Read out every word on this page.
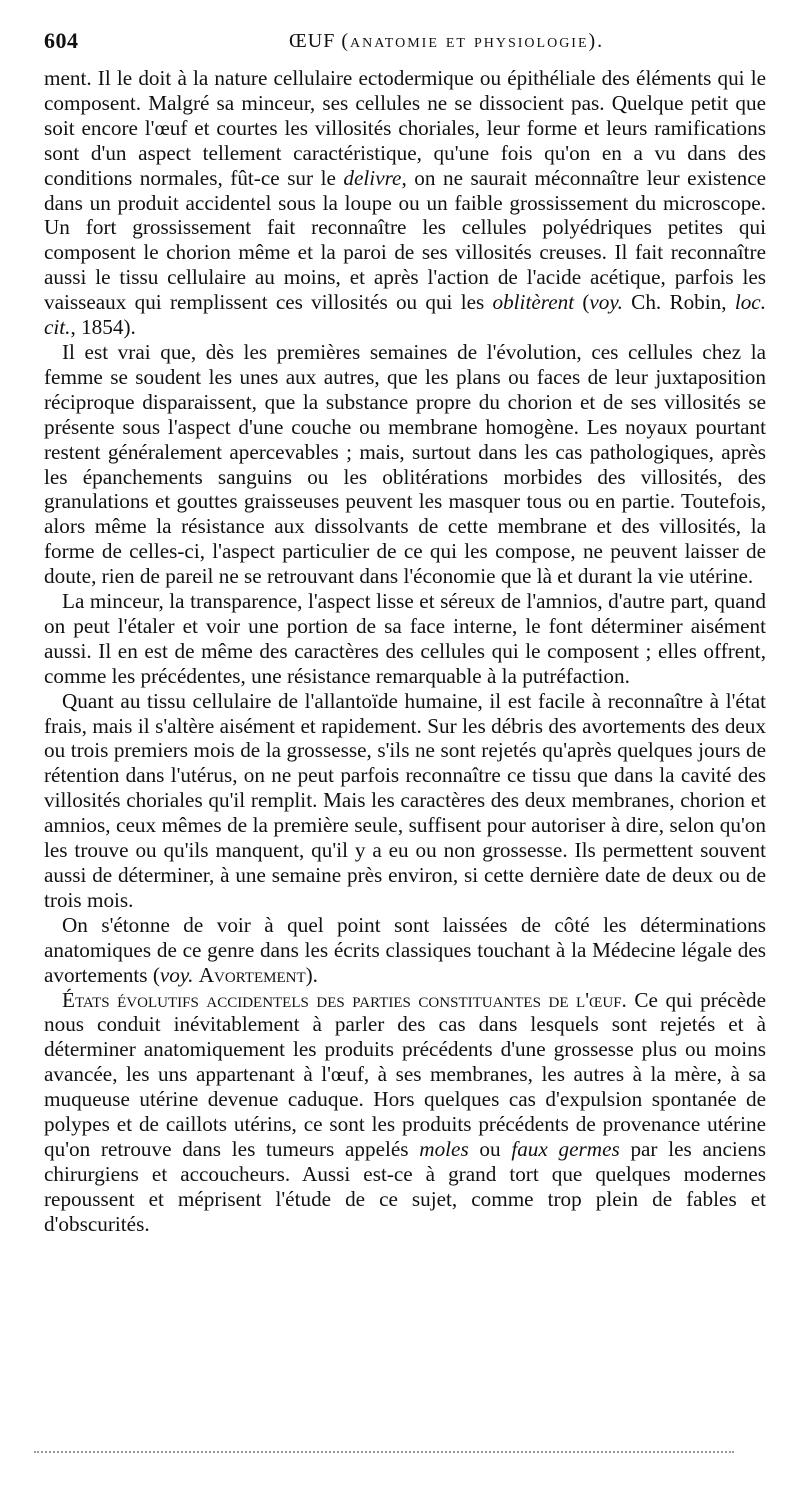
604	ŒUF (anatomie et physiologie).

ment. Il le doit à la nature cellulaire ectodermique ou épithéliale des éléments qui le composent. Malgré sa minceur, ses cellules ne se dissocient pas. Quelque petit que soit encore l'œuf et courtes les villosités choriales, leur forme et leurs ramifications sont d'un aspect tellement caractéristique, qu'une fois qu'on en a vu dans des conditions normales, fût-ce sur le delivre, on ne saurait méconnaître leur existence dans un produit accidentel sous la loupe ou un faible grossissement du microscope. Un fort grossissement fait reconnaître les cellules polyédriques petites qui composent le chorion même et la paroi de ses villosités creuses. Il fait reconnaître aussi le tissu cellulaire au moins, et après l'action de l'acide acétique, parfois les vaisseaux qui remplissent ces villosités ou qui les oblitèrent (voy. Ch. Robin, loc. cit., 1854).

Il est vrai que, dès les premières semaines de l'évolution, ces cellules chez la femme se soudent les unes aux autres, que les plans ou faces de leur juxtaposition réciproque disparaissent, que la substance propre du chorion et de ses villosités se présente sous l'aspect d'une couche ou membrane homogène. Les noyaux pourtant restent généralement apercevables ; mais, surtout dans les cas pathologiques, après les épanchements sanguins ou les oblitérations morbides des villosités, des granulations et gouttes graisseuses peuvent les masquer tous ou en partie. Toutefois, alors même la résistance aux dissolvants de cette membrane et des villosités, la forme de celles-ci, l'aspect particulier de ce qui les compose, ne peuvent laisser de doute, rien de pareil ne se retrouvant dans l'économie que là et durant la vie utérine.

La minceur, la transparence, l'aspect lisse et séreux de l'amnios, d'autre part, quand on peut l'étaler et voir une portion de sa face interne, le font déterminer aisément aussi. Il en est de même des caractères des cellules qui le composent ; elles offrent, comme les précédentes, une résistance remarquable à la putréfaction.

Quant au tissu cellulaire de l'allantoïde humaine, il est facile à reconnaître à l'état frais, mais il s'altère aisément et rapidement. Sur les débris des avortements des deux ou trois premiers mois de la grossesse, s'ils ne sont rejetés qu'après quelques jours de rétention dans l'utérus, on ne peut parfois reconnaître ce tissu que dans la cavité des villosités choriales qu'il remplit. Mais les caractères des deux membranes, chorion et amnios, ceux mêmes de la première seule, suffisent pour autoriser à dire, selon qu'on les trouve ou qu'ils manquent, qu'il y a eu ou non grossesse. Ils permettent souvent aussi de déterminer, à une semaine près environ, si cette dernière date de deux ou de trois mois.

On s'étonne de voir à quel point sont laissées de côté les déterminations anatomiques de ce genre dans les écrits classiques touchant à la Médecine légale des avortements (voy. Avortement).

États évolutifs accidentels des parties constituantes de l'œuf. Ce qui précède nous conduit inévitablement à parler des cas dans lesquels sont rejetés et à déterminer anatomiquement les produits précédents d'une grossesse plus ou moins avancée, les uns appartenant à l'œuf, à ses membranes, les autres à la mère, à sa muqueuse utérine devenue caduque. Hors quelques cas d'expulsion spontanée de polypes et de caillots utérins, ce sont les produits précédents de provenance utérine qu'on retrouve dans les tumeurs appelés moles ou faux germes par les anciens chirurgiens et accoucheurs. Aussi est-ce à grand tort que quelques modernes repoussent et méprisent l'étude de ce sujet, comme trop plein de fables et d'obscurités.
